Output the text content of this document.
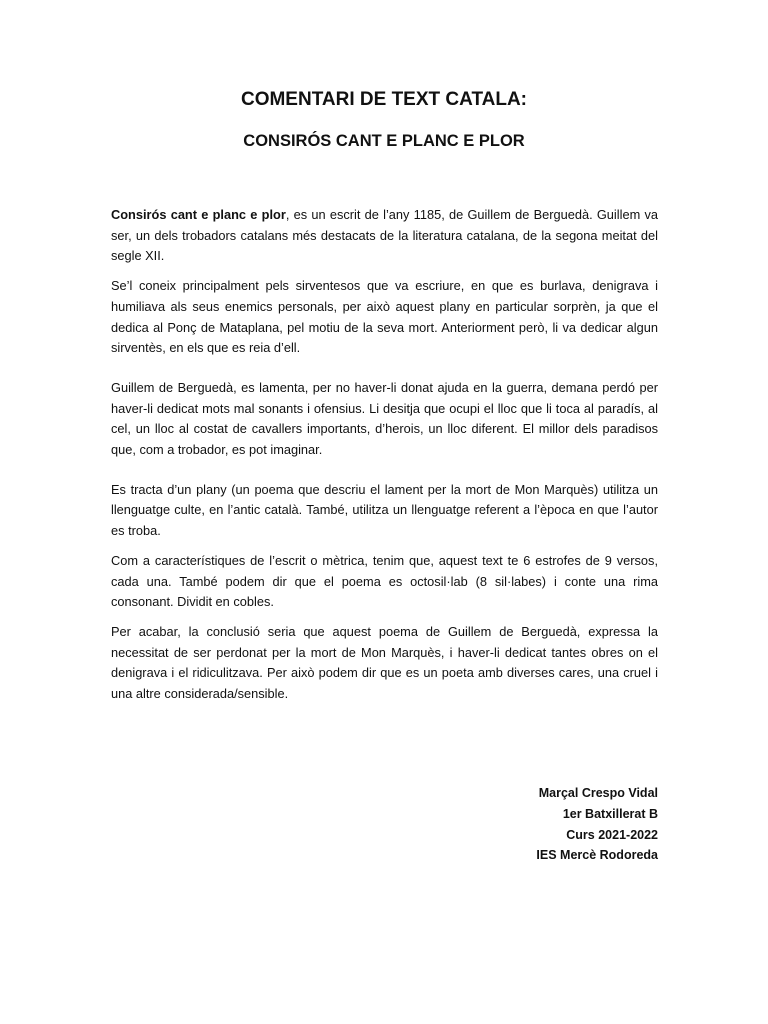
COMENTARI DE TEXT CATALA:
CONSIRÓS CANT E PLANC E PLOR

Consirós cant e planc e plor, es un escrit de l’any 1185, de Guillem de Berguedà. Guillem va ser, un dels trobadors catalans més destacats de la literatura catalana, de la segona meitat del segle XII.

Se’l coneix principalment pels sirventesos que va escriure, en que es burlava, denigrava i humiliava als seus enemics personals, per això aquest plany en particular sorprèn, ja que el dedica al Ponç de Mataplana, pel motiu de la seva mort. Anteriorment però, li va dedicar algun sirventès, en els que es reia d’ell.

Guillem de Berguedà, es lamenta, per no haver-li donat ajuda en la guerra, demana perdó per haver-li dedicat mots mal sonants i ofensius. Li desitja que ocupi el lloc que li toca al paradís, al cel, un lloc al costat de cavallers importants, d’herois, un lloc diferent. El millor dels paradisos que, com a trobador, es pot imaginar.

Es tracta d’un plany (un poema que descriu el lament per la mort de Mon Marquès) utilitza un llenguatge culte, en l’antic català. També, utilitza un llenguatge referent a l’època en que l’autor es troba.

Com a característiques de l’escrit o mètrica, tenim que, aquest text te 6 estrofes de 9 versos, cada una. També podem dir que el poema es octosil·lab (8 sil·labes) i conte una rima consonant. Dividit en cobles.

Per acabar, la conclusió seria que aquest poema de Guillem de Berguedà, expressa la necessitat de ser perdonat per la mort de Mon Marquès, i haver-li dedicat tantes obres on el denigrava i el ridiculitzava. Per això podem dir que es un poeta amb diverses cares, una cruel i una altre considerada/sensible.

Marçal Crespo Vidal
1er Batxillerat B
Curs 2021-2022
IES Mercè Rodoreda
